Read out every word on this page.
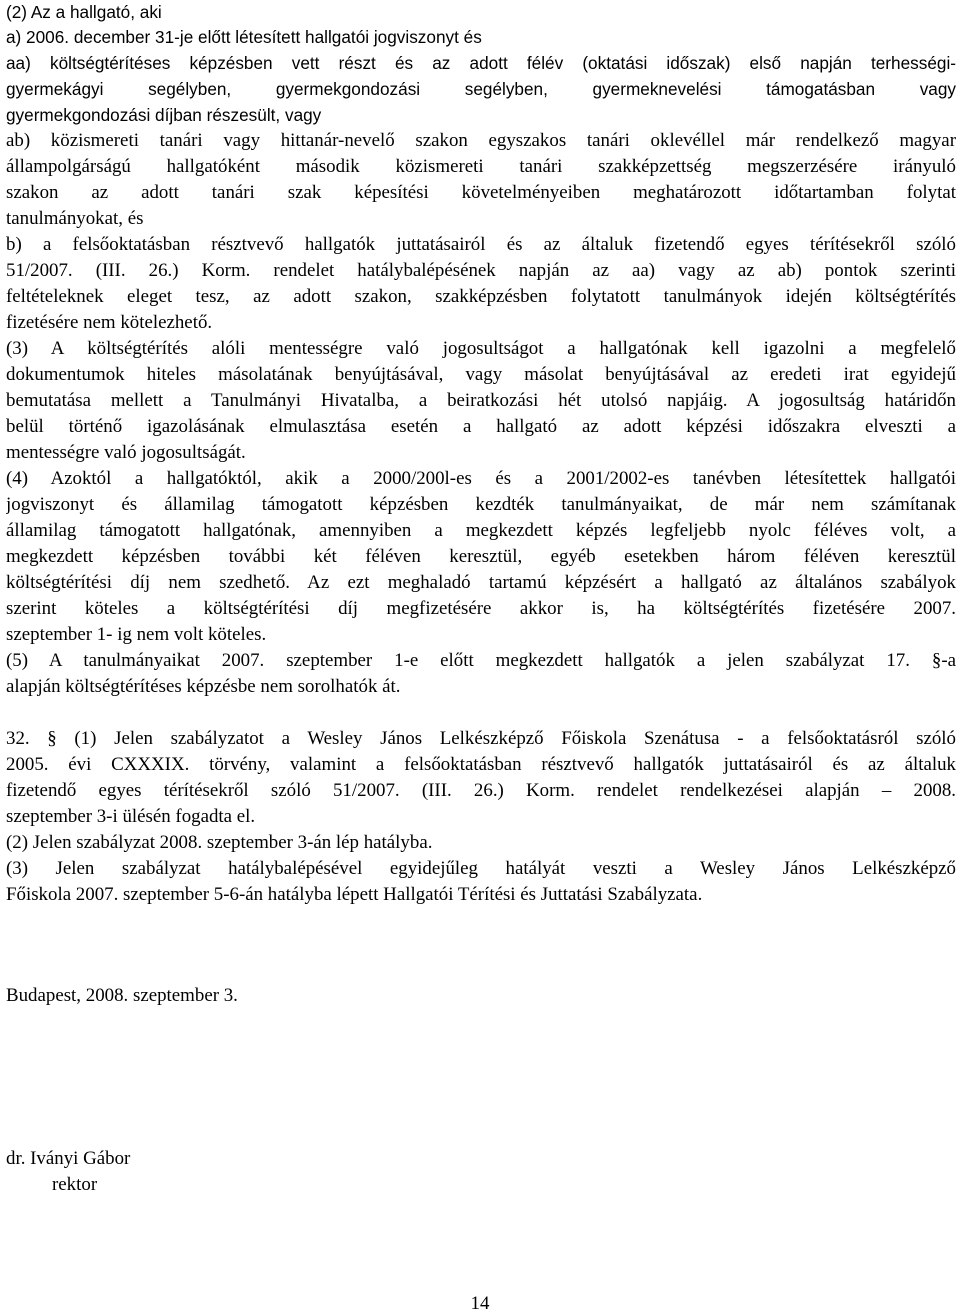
(2) Az a hallgató, aki

a) 2006. december 31-je előtt létesített hallgatói jogviszonyt és

aa) költségtérítéses képzésben vett részt és az adott félév (oktatási időszak) első napján terhességi-

gyermekágyi segélyben, gyermekgondozási segélyben, gyermeknevelési támogatásban vagy

gyermekgondozási díjban részesült, vagy

ab) közismereti tanári vagy hittanár-nevelő szakon egyszakos tanári oklevéllel már rendelkező magyar

állampolgárságú hallgatóként második közismereti tanári szakképzettség megszerzésére irányuló

szakon az adott tanári szak képesítési követelményeiben meghatározott időtartamban folytat

tanulmányokat, és

b) a felsőoktatásban résztvevő hallgatók juttatásairól és az általuk fizetendő egyes térítésekről szóló

51/2007. (III. 26.) Korm. rendelet hatálybalépésének napján az aa) vagy az ab) pontok szerinti

feltételeknek eleget tesz, az adott szakon, szakképzésben folytatott tanulmányok idején költségtérítés

fizetésére nem kötelezhető.

(3) A költségtérítés alóli mentességre való jogosultságot a hallgatónak kell igazolni a megfelelő

dokumentumok hiteles másolatának benyújtásával, vagy másolat benyújtásával az eredeti irat egyidejű

bemutatása mellett a Tanulmányi Hivatalba, a beiratkozási hét utolsó napjáig. A jogosultság határidőn

belül történő igazolásának elmulasztása esetén a hallgató az adott képzési időszakra elveszti a

mentességre való jogosultságát.

(4) Azoktól a hallgatóktól, akik a 2000/200l-es és a 2001/2002-es tanévben létesítettek hallgatói

jogviszonyt és államilag támogatott képzésben kezdték tanulmányaikat, de már nem számítanak

államilag támogatott hallgatónak, amennyiben a megkezdett képzés legfeljebb nyolc féléves volt, a

megkezdett képzésben további két féléven keresztül, egyéb esetekben három féléven keresztül

költségtérítési díj nem szedhető. Az ezt meghaladó tartamú képzésért a hallgató az általános szabályok

szerint köteles a költségtérítési díj megfizetésére akkor is, ha költségtérítés fizetésére 2007.

szeptember 1- ig nem volt köteles.

(5) A tanulmányaikat 2007. szeptember 1-e előtt megkezdett hallgatók a jelen szabályzat 17. §-a

alapján költségtérítéses képzésbe nem sorolhatók át.

32. § (1) Jelen szabályzatot a Wesley János Lelkészképző Főiskola Szenátusa - a felsőoktatásról szóló

2005. évi CXXXIX. törvény, valamint a felsőoktatásban résztvevő hallgatók juttatásairól és az általuk

fizetendő egyes térítésekről szóló 51/2007. (III. 26.) Korm. rendelet rendelkezései alapján – 2008.

szeptember 3-i ülésén fogadta el.

(2) Jelen szabályzat 2008. szeptember 3-án lép hatályba.

(3) Jelen szabályzat hatálybalépésével egyidejűleg hatályát veszti a Wesley János Lelkészképző

Főiskola 2007. szeptember 5-6-án hatályba lépett Hallgatói Térítési és Juttatási Szabályzata.

Budapest, 2008. szeptember 3.
dr. Iványi Gábor
rektor
14
